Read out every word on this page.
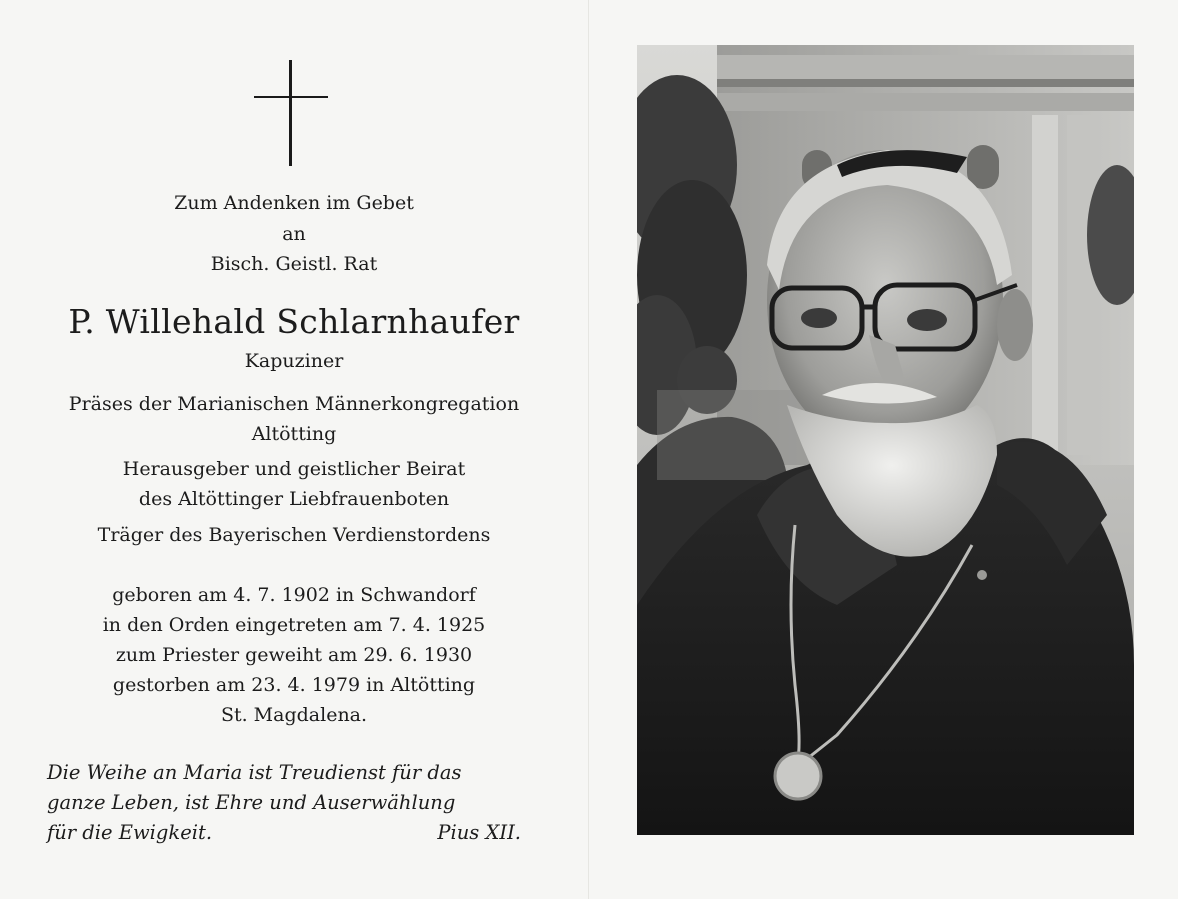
Zum Andenken im Gebet
an
Bisch. Geistl. Rat
P. Willehald Schlarnhaufer
Kapuziner
Präses der Marianischen Männerkongregation
Altötting
Herausgeber und geistlicher Beirat
des Altöttinger Liebfrauenboten
Träger des Bayerischen Verdienstordens
geboren am 4. 7. 1902 in Schwandorf
in den Orden eingetreten am 7. 4. 1925
zum Priester geweiht am 29. 6. 1930
gestorben am 23. 4. 1979 in Altötting
St. Magdalena.
Die Weihe an Maria ist Treudienst für das
ganze Leben, ist Ehre und Auserwählung
für die Ewigkeit.	Pius XII.
